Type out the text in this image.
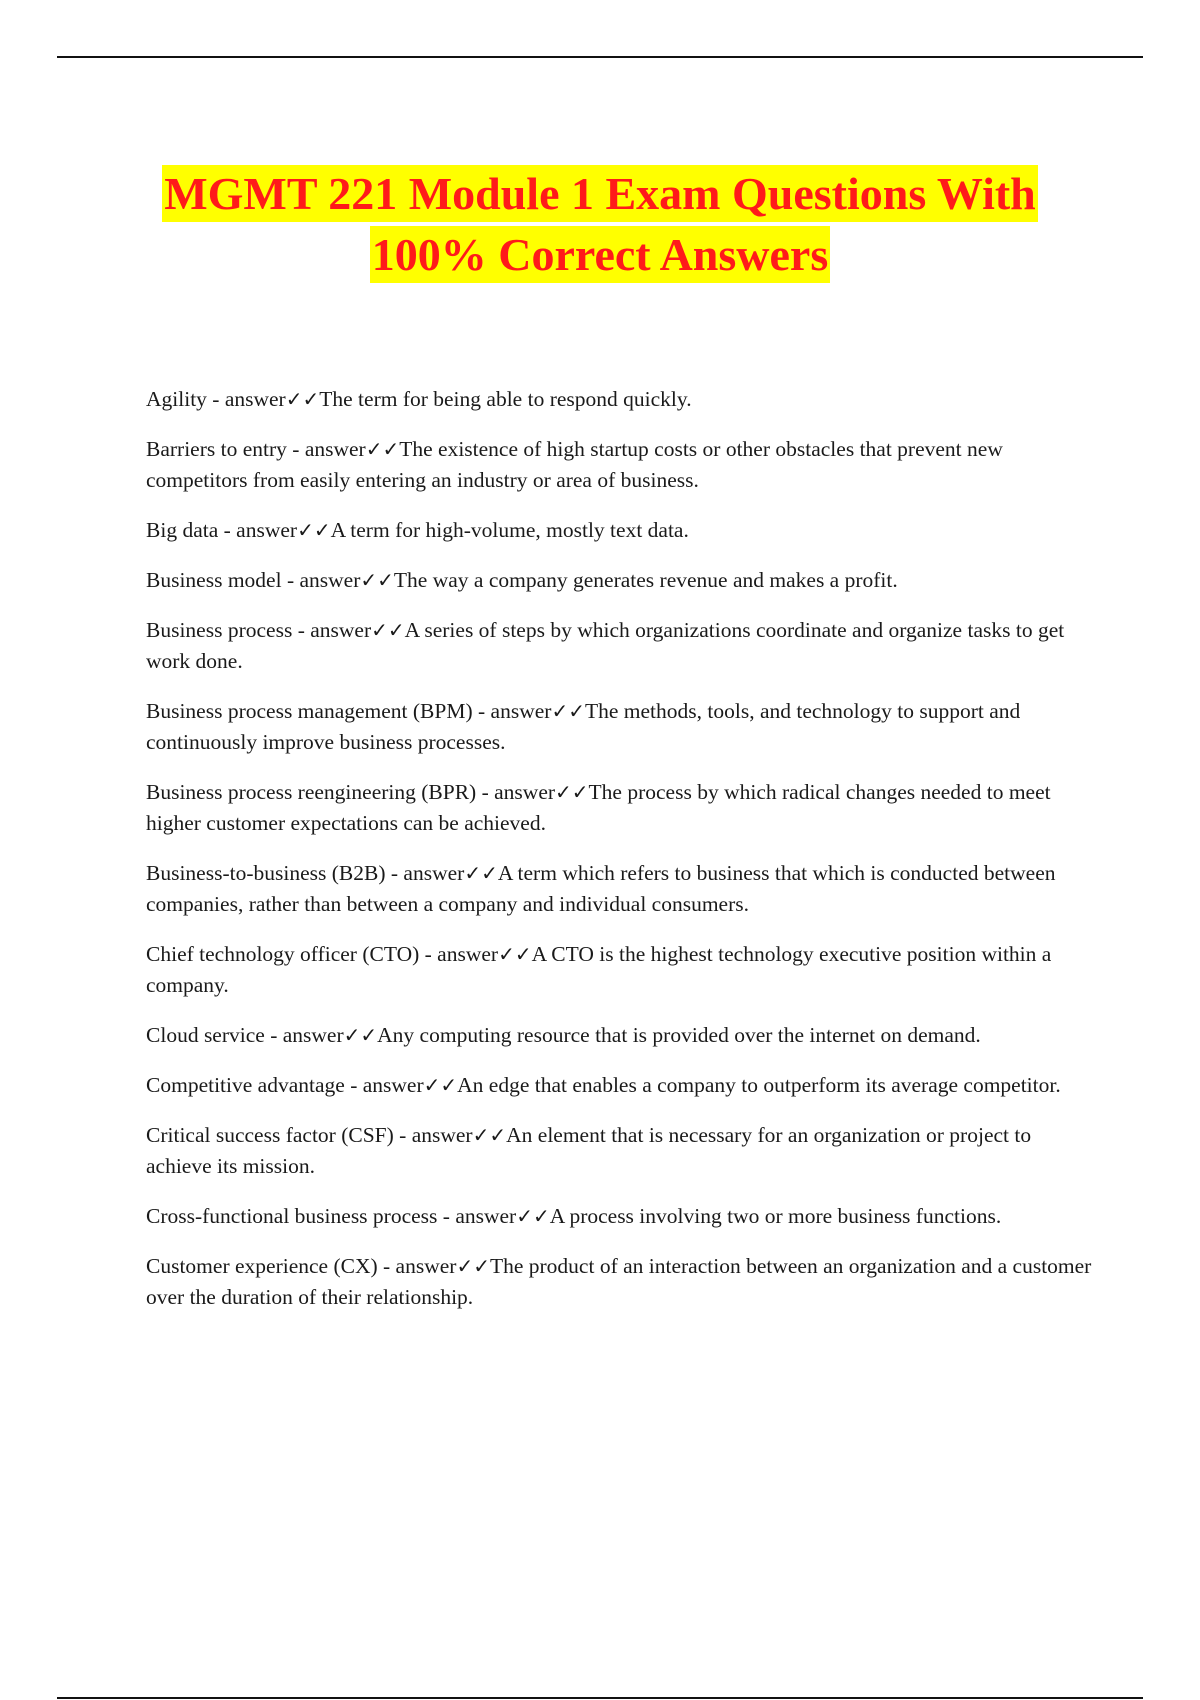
MGMT 221 Module 1 Exam Questions With
100% Correct Answers

Agility - answer✓✓The term for being able to respond quickly.

Barriers to entry - answer✓✓The existence of high startup costs or other obstacles that prevent new competitors from easily entering an industry or area of business.

Big data - answer✓✓A term for high-volume, mostly text data.

Business model - answer✓✓The way a company generates revenue and makes a profit.

Business process - answer✓✓A series of steps by which organizations coordinate and organize tasks to get work done.

Business process management (BPM) - answer✓✓The methods, tools, and technology to support and continuously improve business processes.

Business process reengineering (BPR) - answer✓✓The process by which radical changes needed to meet higher customer expectations can be achieved.

Business-to-business (B2B) - answer✓✓A term which refers to business that which is conducted between companies, rather than between a company and individual consumers.

Chief technology officer (CTO) - answer✓✓A CTO is the highest technology executive position within a company.

Cloud service - answer✓✓Any computing resource that is provided over the internet on demand.

Competitive advantage - answer✓✓An edge that enables a company to outperform its average competitor.

Critical success factor (CSF) - answer✓✓An element that is necessary for an organization or project to achieve its mission.

Cross-functional business process - answer✓✓A process involving two or more business functions.

Customer experience (CX) - answer✓✓The product of an interaction between an organization and a customer over the duration of their relationship.
